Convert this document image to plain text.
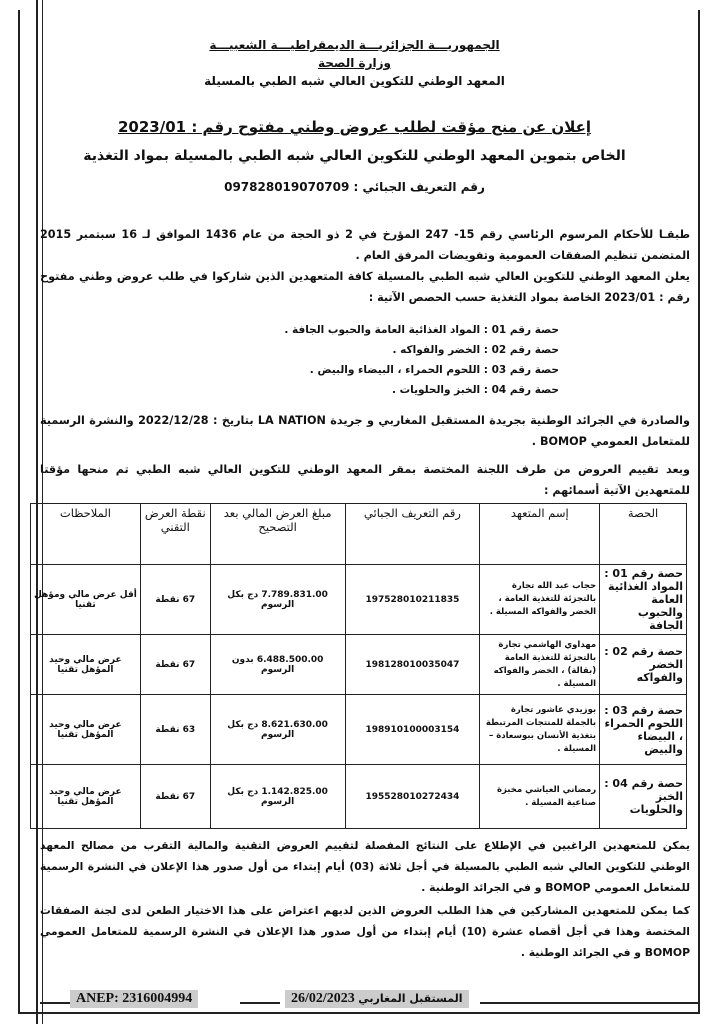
الجمهوريـــة الجزائريـــة الديمقراطيـــة الشعبيـــة
وزارة الصحة
المعهد الوطني للتكوين العالي شبه الطبي بالمسيلة
إعلان عن منح مؤقت لطلب عروض وطني مفتوح رقم : 2023/01
الخاص بتموين المعهد الوطني للتكوين العالي شبه الطبي بالمسيلة بمواد التغذية
رقم التعريف الجبائي : 097828019070709
طبقـا للأحكام المرسوم الرئاسي رقم 15- 247 المؤرخ في 2 ذو الحجة من عام 1436 الموافق لـ 16 سبتمبر 2015 المتضمن تنظيم الصفقات العمومية وتفويضات المرفق العام .
يعلن المعهد الوطني للتكوين العالي شبه الطبي بالمسيلة كافة المتعهدين الذين شاركوا في طلب عروض وطني مفتوح رقم : 2023/01 الخاصة بمواد التغذية حسب الحصص الآتية :
حصة رقم 01 : المواد الغذائية العامة والحبوب الجافة .
حصة رقم 02 : الخضر والفواكه .
حصة رقم 03 : اللحوم الحمراء ، البيضاء والبيض .
حصة رقم 04 : الخبز والحلويات .
والصادرة في الجرائد الوطنية بجريدة المستقبل المغاربي و جريدة LA NATION بتاريخ : 2022/12/28 والنشرة الرسمية للمتعامل العمومي BOMOP .
وبعد تقييم العروض من طرف اللجنة المختصة بمقر المعهد الوطني للتكوين العالي شبه الطبي تم منحها مؤقتا للمتعهدين الآتية أسمائهم :
الحصة	إسم المتعهد	رقم التعريف الجبائي	مبلغ العرض المالي بعد التصحيح	نقطة العرض التقني	الملاحظات
حصة رقم 01 : المواد الغذائية العامة والحبوب الجافة	حجاب عبد الله تجارة بالتجزئة للتغذية العامة ، الخضر والفواكه المسيلة .	197528010211835	7.789.831.00 دج بكل الرسوم	67 نقطة	أقل عرض مالي ومؤهل تقنيا
حصة رقم 02 : الخضر والفواكه	مهداوي الهاشمي تجارة بالتجزئة للتغذية العامة (بقالة) ، الخضر والفواكه المسيلة .	198128010035047	6.488.500.00 بدون الرسوم	67 نقطة	عرض مالي وحيد المؤهل تقنيا
حصة رقم 03 : اللحوم الحمراء ، البيضاء والبيض	بوزيدي عاشور تجارة بالجملة للمنتجات المرتبطة بتغذية الأنسان ببوسعادة – المسيلة .	198910100003154	8.621.630.00 دج بكل الرسوم	63 نقطة	عرض مالي وحيد المؤهل تقنيا
حصة رقم 04 : الخبز والحلويات	رمضاني العياشي مخبزة صناعية المسيلة .	195528010272434	1.142.825.00 دج بكل الرسوم	67 نقطة	عرض مالي وحيد المؤهل تقنيا
يمكن للمتعهدين الراغبين في الإطلاع على النتائج المفصلة لتقييم العروض التقنية والمالية التقرب من مصالح المعهد الوطني للتكوين العالي شبه الطبي بالمسيلة في أجل ثلاثة (03) أيام إبتداء من أول صدور هذا الإعلان في النشرة الرسمية للمتعامل العمومي BOMOP و في الجرائد الوطنية .
كما يمكن للمتعهدين المشاركين في هذا الطلب العروض الذين لديهم اعتراض على هذا الاختيار الطعن لدى لجنة الصفقات المختصة وهذا في أجل أقصاه عشرة (10) أيام إبتداء من أول صدور هذا الإعلان في النشرة الرسمية للمتعامل العمومي BOMOP و في الجرائد الوطنية .
ANEP: 2316004994	المستقبل المغاربي 26/02/2023
